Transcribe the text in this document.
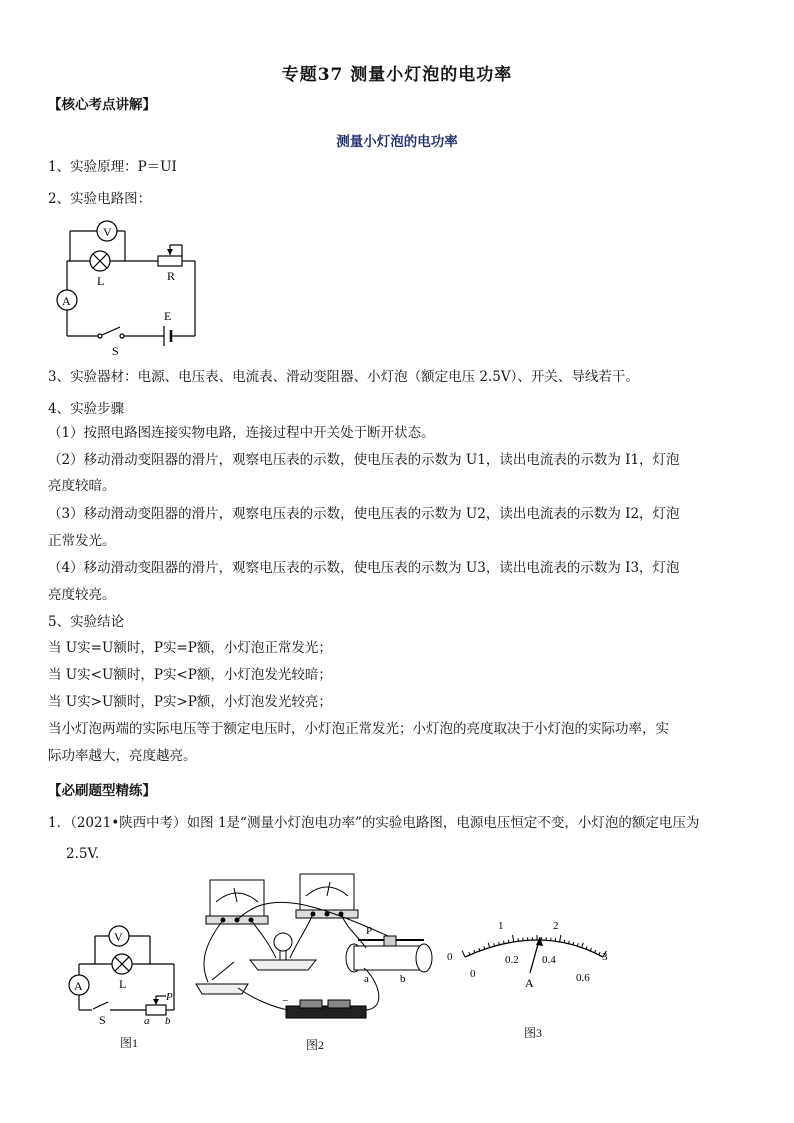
专题37 测量小灯泡的电功率
【核心考点讲解】
测量小灯泡的电功率
1、实验原理：P＝UI
2、实验电路图：
V
L	R
A
E
S
3、实验器材：电源、电压表、电流表、滑动变阻器、小灯泡（额定电压 2.5V）、开关、导线若干。
4、实验步骤
（1）按照电路图连接实物电路，连接过程中开关处于断开状态。
（2）移动滑动变阻器的滑片，观察电压表的示数，使电压表的示数为 U1，读出电流表的示数为 I1，灯泡
亮度较暗。
（3）移动滑动变阻器的滑片，观察电压表的示数，使电压表的示数为 U2，读出电流表的示数为 I2，灯泡
正常发光。
（4）移动滑动变阻器的滑片，观察电压表的示数，使电压表的示数为 U3，读出电流表的示数为 I3，灯泡
亮度较亮。
5、实验结论
当 U实=U额时，P实=P额，小灯泡正常发光；
当 U实<U额时，P实<P额，小灯泡发光较暗；
当 U实>U额时，P实>P额，小灯泡发光较亮；
当小灯泡两端的实际电压等于额定电压时，小灯泡正常发光；小灯泡的亮度取决于小灯泡的实际功率，实
际功率越大，亮度越亮。
【必刷题型精练】
1．（2021•陕西中考）如图 1是“测量小灯泡电功率”的实验电路图，电源电压恒定不变，小灯泡的额定电压为
2.5V.
V
A	L
S
P
a b
图1
P
a	b
−
图2
0
1	2
3
0
0.2 0.4
0.6
A
图3
